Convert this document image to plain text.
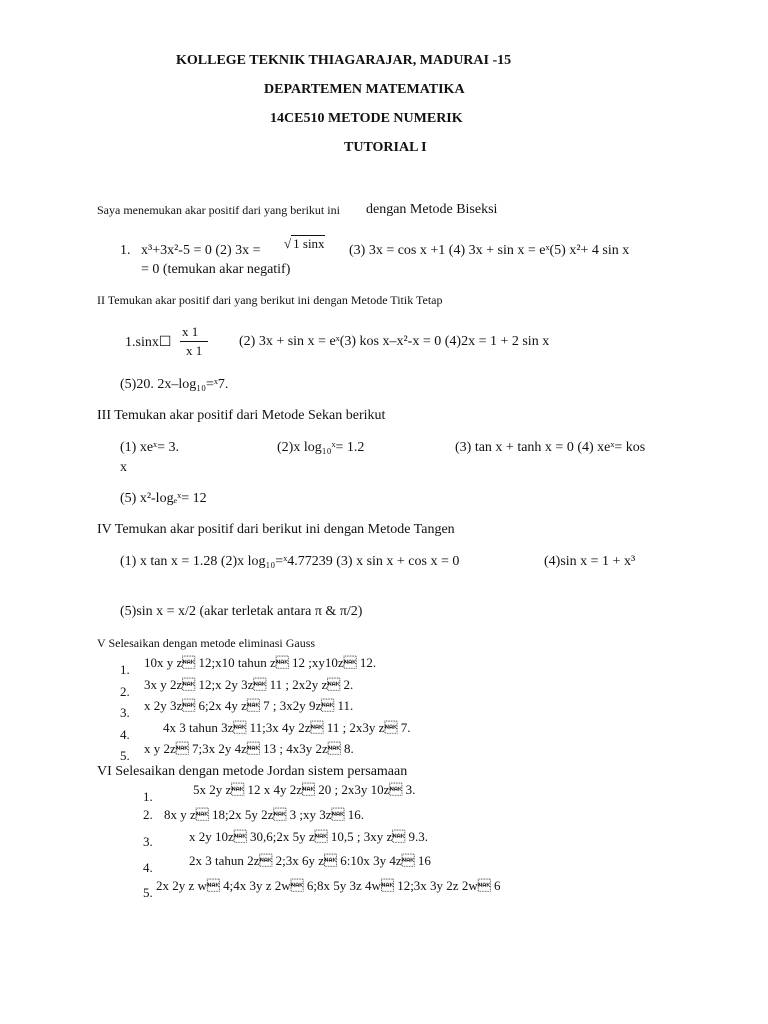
KOLLEGE TEKNIK THIAGARAJAR, MADURAI -15
DEPARTEMEN MATEMATIKA
14CE510 METODE NUMERIK
TUTORIAL I
Saya menemukan akar positif dari yang berikut ini dengan Metode Biseksi
1. x³+3x²-5 = 0 (2) 3x = √ 1 sinx (3) 3x = cos x +1 (4) 3x + sin x = eˣ(5) x²+ 4 sin x
= 0 (temukan akar negatif)
II Temukan akar positif dari yang berikut ini dengan Metode Titik Tetap
1.sinx☐ $\frac{x 1}{x 1} (2) 3x + \sin x$ = eˣ(3) kos x–x²-x = 0 (4)2x = 1 + 2 sin x
(5)20. 2x–log₁₀=ˣ7.
III Temukan akar positif dari Metode Sekan berikut
(1) xeˣ= 3.	(2)x log₁₀ˣ= 1.2	(3) tan x + tanh x = 0 (4) xeˣ= kos
x
(5) x²-logₑˣ= 12
IV Temukan akar positif dari berikut ini dengan Metode Tangen
(1) x tan x = 1.28 (2)x log₁₀=ˣ4.77239 (3) x sin x + cos x = 0	(4)sin x = 1 + x³
(5)sin x = x/2 (akar terletak antara π & π/2)
V Selesaikan dengan metode eliminasi Gauss
1. 10x y z 12;x10 tahun z 12 ;xy10z 12.
2. 3x y 2z 12;x 2y 3z 11 ; 2x2y z 2.
3. x 2y 3z 6;2x 4y z 7 ; 3x2y 9z 11.
4.	4x 3 tahun 3z 11;3x 4y 2z 11 ; 2x3y z 7.
5. x y 2z 7;3x 2y 4z 13 ; 4x3y 2z 8.
VI Selesaikan dengan metode Jordan sistem persamaan
1.	5x 2y z 12 x 4y 2z 20 ; 2x3y 10z 3.
2. 8x y z 18;2x 5y 2z 3 ;xy 3z 16.
3.	x 2y 10z 30,6;2x 5y z 10,5 ; 3xy z 9.3.
4.	2x 3 tahun 2z 2;3x 6y z 6:10x 3y 4z 16
5. 2x 2y z w 4;4x 3y z 2w 6;8x 5y 3z 4w 12;3x 3y 2z 2w 6
